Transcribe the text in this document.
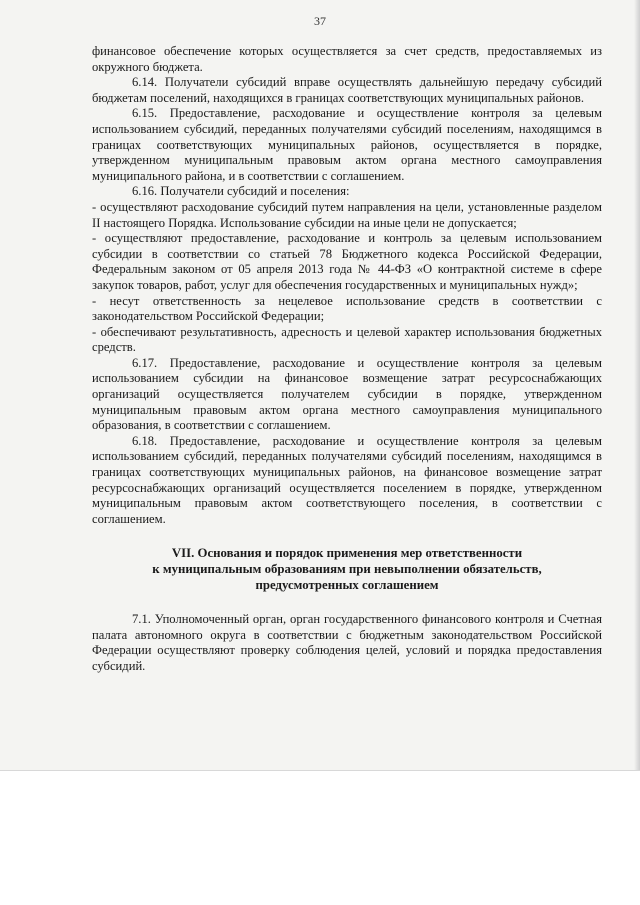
37

финансовое обеспечение которых осуществляется за счет средств, предоставляемых из окружного бюджета.

6.14. Получатели субсидий вправе осуществлять дальнейшую передачу субсидий бюджетам поселений, находящихся в границах соответствующих муниципальных районов.

6.15. Предоставление, расходование и осуществление контроля за целевым использованием субсидий, переданных получателями субсидий поселениям, находящимся в границах соответствующих муниципальных районов, осуществляется в порядке, утвержденном муниципальным правовым актом органа местного самоуправления муниципального района, и в соответствии с соглашением.

6.16. Получатели субсидий и поселения:

- осуществляют расходование субсидий путем направления на цели, установленные разделом II настоящего Порядка. Использование субсидии на иные цели не допускается;

- осуществляют предоставление, расходование и контроль за целевым использованием субсидии в соответствии со статьей 78 Бюджетного кодекса Российской Федерации, Федеральным законом от 05 апреля 2013 года № 44-ФЗ «О контрактной системе в сфере закупок товаров, работ, услуг для обеспечения государственных и муниципальных нужд»;

- несут ответственность за нецелевое использование средств в соответствии с законодательством Российской Федерации;

- обеспечивают результативность, адресность и целевой характер использования бюджетных средств.

6.17. Предоставление, расходование и осуществление контроля за целевым использованием субсидии на финансовое возмещение затрат ресурсоснабжающих организаций осуществляется получателем субсидии в порядке, утвержденном муниципальным правовым актом органа местного самоуправления муниципального образования, в соответствии с соглашением.

6.18. Предоставление, расходование и осуществление контроля за целевым использованием субсидий, переданных получателями субсидий поселениям, находящимся в границах соответствующих муниципальных районов, на финансовое возмещение затрат ресурсоснабжающих организаций осуществляется поселением в порядке, утвержденном муниципальным правовым актом соответствующего поселения, в соответствии с соглашением.

VII. Основания и порядок применения мер ответственности
к муниципальным образованиям при невыполнении обязательств,
предусмотренных соглашением

7.1. Уполномоченный орган, орган государственного финансового контроля и Счетная палата автономного округа в соответствии с бюджетным законодательством Российской Федерации осуществляют проверку соблюдения целей, условий и порядка предоставления субсидий.
